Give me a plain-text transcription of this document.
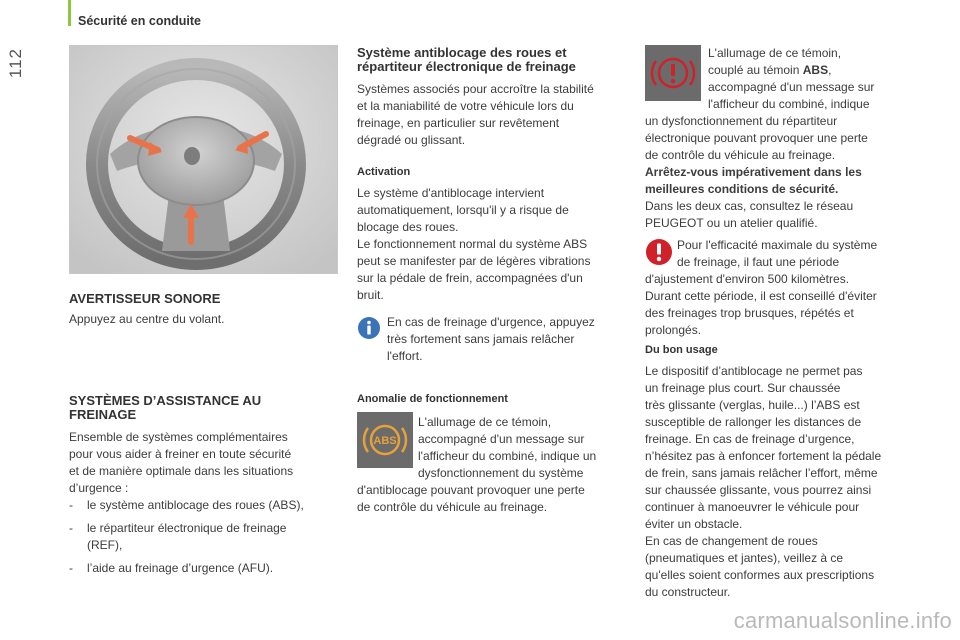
Sécurité en conduite
112
AVERTISSEUR SONORE
Appuyez au centre du volant.
SYSTÈMES D’ASSISTANCE AU
FREINAGE
Ensemble de systèmes complémentaires
pour vous aider à freiner en toute sécurité
et de manière optimale dans les situations
d’urgence :
- le système antiblocage des roues (ABS),
- le répartiteur électronique de freinage
(REF),
- l’aide au freinage d’urgence (AFU).
Système antiblocage des roues et
répartiteur électronique de freinage
Systèmes associés pour accroître la stabilité
et la maniabilité de votre véhicule lors du
freinage, en particulier sur revêtement
dégradé ou glissant.
Activation
Le système d'antiblocage intervient
automatiquement, lorsqu'il y a risque de
blocage des roues.
Le fonctionnement normal du système ABS
peut se manifester par de légères vibrations
sur la pédale de frein, accompagnées d'un
bruit.
En cas de freinage d'urgence, appuyez
très fortement sans jamais relâcher
l'effort.
Anomalie de fonctionnement
ABS
L'allumage de ce témoin,
accompagné d'un message sur
l'afficheur du combiné, indique un
dysfonctionnement du système
d'antiblocage pouvant provoquer une perte
de contrôle du véhicule au freinage.
L'allumage de ce témoin,
couplé au témoin ABS,
accompagné d'un message sur
l'afficheur du combiné, indique
un dysfonctionnement du répartiteur
électronique pouvant provoquer une perte
de contrôle du véhicule au freinage.
Arrêtez-vous impérativement dans les
meilleures conditions de sécurité.
Dans les deux cas, consultez le réseau
PEUGEOT ou un atelier qualifié.
Pour l'efficacité maximale du système
de freinage, il faut une période
d'ajustement d'environ 500 kilomètres.
Durant cette période, il est conseillé d'éviter
des freinages trop brusques, répétés et
prolongés.
Du bon usage
Le dispositif d’antiblocage ne permet pas
un freinage plus court. Sur chaussée
très glissante (verglas, huile...) l’ABS est
susceptible de rallonger les distances de
freinage. En cas de freinage d’urgence,
n’hésitez pas à enfoncer fortement la pédale
de frein, sans jamais relâcher l’effort, même
sur chaussée glissante, vous pourrez ainsi
continuer à manoeuvrer le véhicule pour
éviter un obstacle.
En cas de changement de roues
(pneumatiques et jantes), veillez à ce
qu'elles soient conformes aux prescriptions
du constructeur.
carmanualsonline.info
